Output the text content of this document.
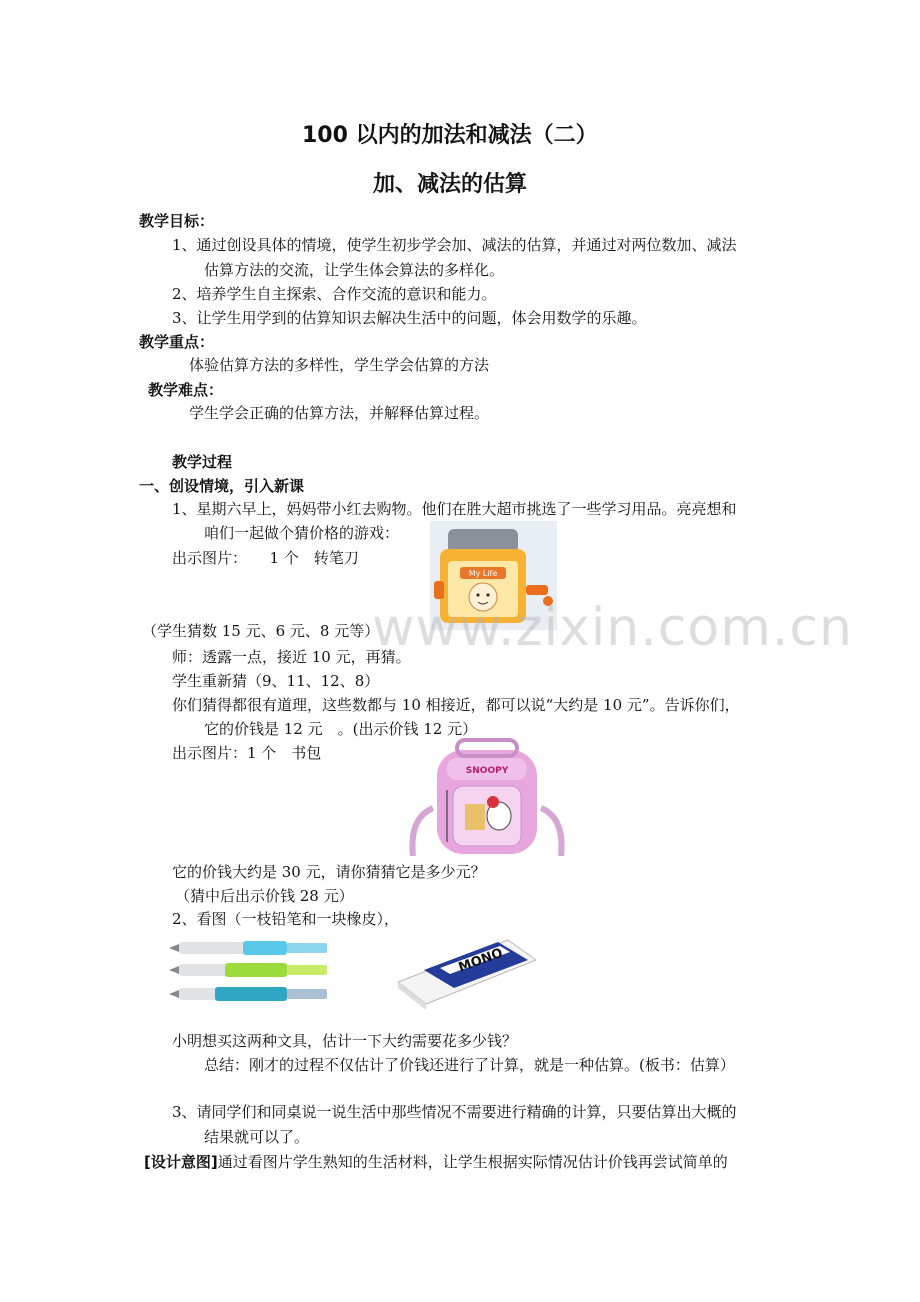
100 以内的加法和减法（二）
加、减法的估算
教学目标：
1、通过创设具体的情境，使学生初步学会加、减法的估算，并通过对两位数加、减法
估算方法的交流，让学生体会算法的多样化。
2、培养学生自主探索、合作交流的意识和能力。
3、让学生用学到的估算知识去解决生活中的问题，体会用数学的乐趣。
教学重点：
体验估算方法的多样性，学生学会估算的方法
教学难点：
学生学会正确的估算方法，并解释估算过程。
教学过程
一、创设情境，引入新课
1、星期六早上，妈妈带小红去购物。他们在胜大超市挑选了一些学习用品。亮亮想和
咱们一起做个猜价格的游戏：
出示图片：　　1 个　转笔刀
My Life
（学生猜数 15 元、6 元、8 元等）
师：透露一点，接近 10 元，再猜。
学生重新猜（9、11、12、8）
你们猜得都很有道理，这些数都与 10 相接近，都可以说“大约是 10 元”。告诉你们，
它的价钱是 12 元　。(出示价钱 12 元）
出示图片：1 个　书包
SNOOPY
它的价钱大约是 30 元，请你猜猜它是多少元？
（猜中后出示价钱 28 元）
2、看图（一枝铅笔和一块橡皮），
MONO
小明想买这两种文具，估计一下大约需要花多少钱？
总结：刚才的过程不仅估计了价钱还进行了计算，就是一种估算。(板书：估算）
3、请同学们和同桌说一说生活中那些情况不需要进行精确的计算，只要估算出大概的
结果就可以了。
[设计意图]通过看图片学生熟知的生活材料，让学生根据实际情况估计价钱再尝试简单的
www.zixin.com.cn
